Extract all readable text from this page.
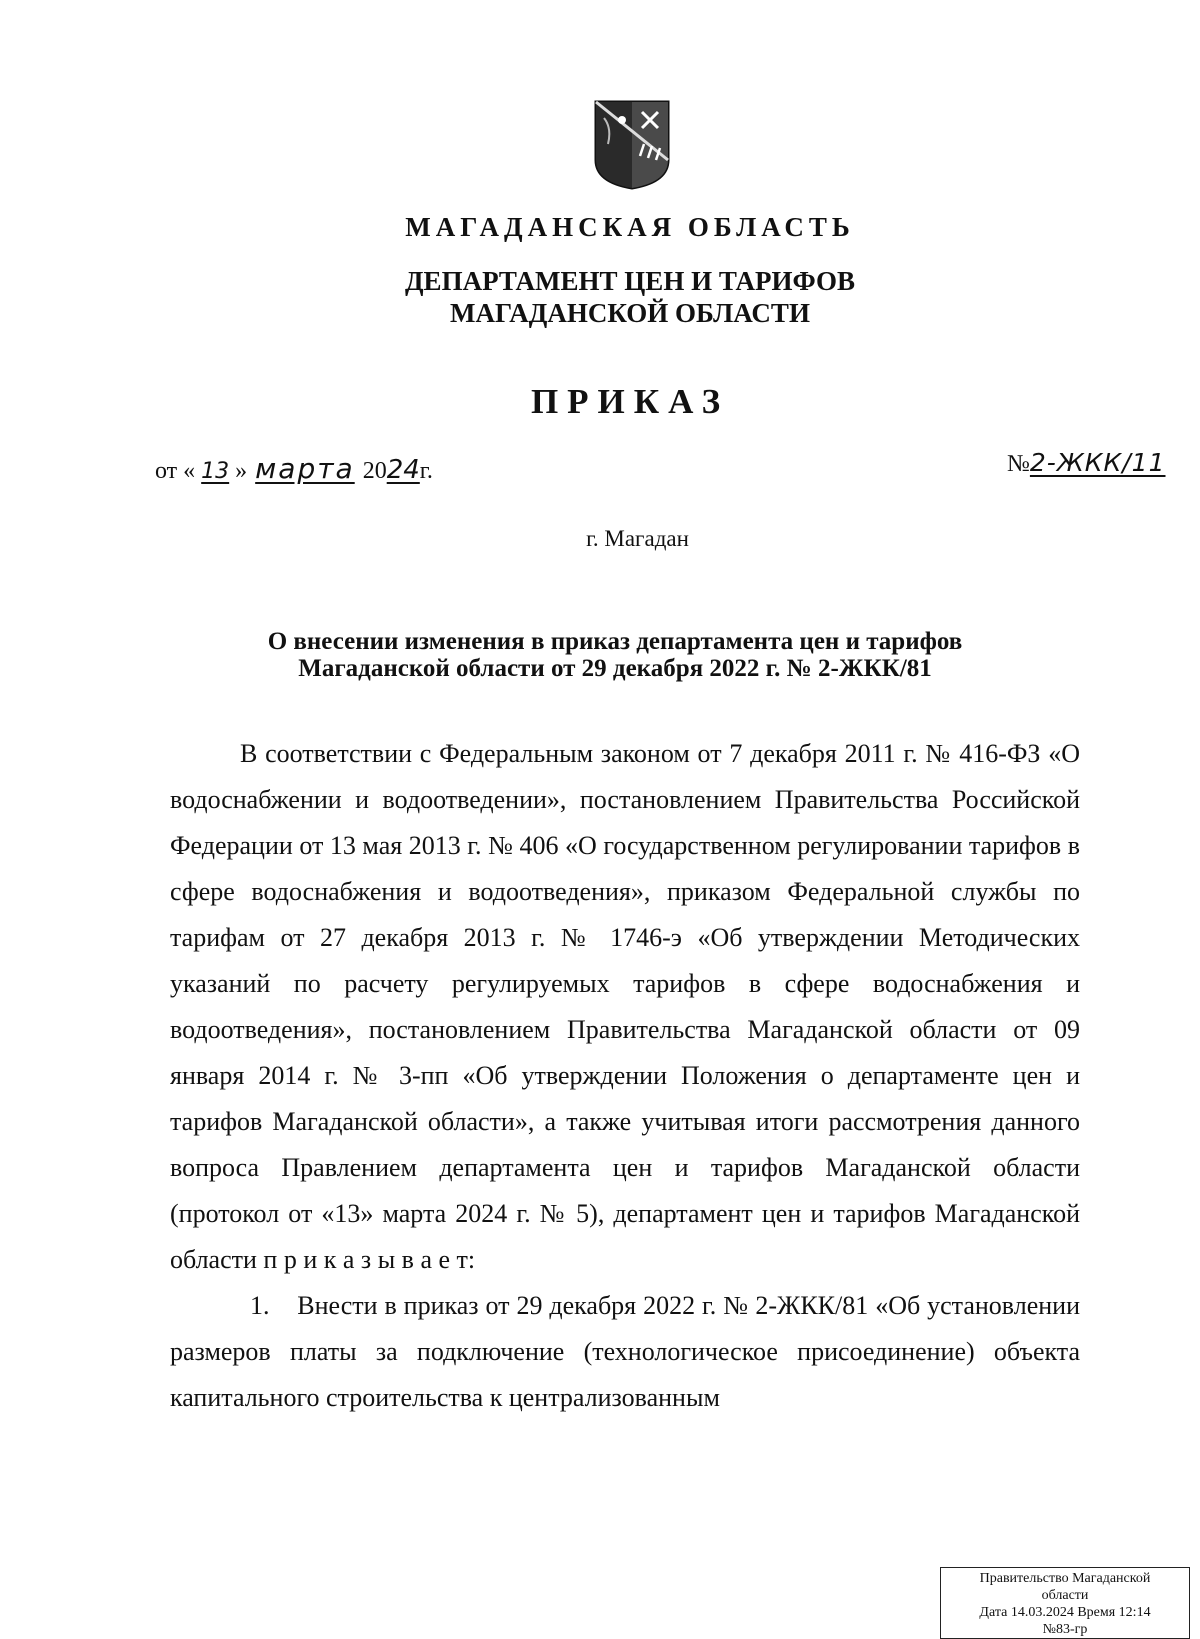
МАГАДАНСКАЯ ОБЛАСТЬ
ДЕПАРТАМЕНТ ЦЕН И ТАРИФОВ
МАГАДАНСКОЙ ОБЛАСТИ
ПРИКАЗ
от « 13 » марта 2024г.	№2-ЖКК/11
г. Магадан
О внесении изменения в приказ департамента цен и тарифов
Магаданской области от 29 декабря 2022 г. № 2-ЖКК/81

В соответствии с Федеральным законом от 7 декабря 2011 г. № 416-ФЗ «О водоснабжении и водоотведении», постановлением Правительства Российской Федерации от 13 мая 2013 г. № 406 «О государственном регулировании тарифов в сфере водоснабжения и водоотведения», приказом Федеральной службы по тарифам от 27 декабря 2013 г. № 1746-э «Об утверждении Методических указаний по расчету регулируемых тарифов в сфере водоснабжения и водоотведения», постановлением Правительства Магаданской области от 09 января 2014 г. № 3-пп «Об утверждении Положения о департаменте цен и тарифов Магаданской области», а также учитывая итоги рассмотрения данного вопроса Правлением департамента цен и тарифов Магаданской области (протокол от «13» марта 2024 г. № 5), департамент цен и тарифов Магаданской области п р и к а з ы в а е т:

1.    Внести в приказ от 29 декабря 2022 г. № 2-ЖКК/81 «Об установлении размеров платы за подключение (технологическое присоединение) объекта капитального строительства к централизованным

Правительство Магаданской
области
Дата 14.03.2024 Время 12:14
№83-гр
